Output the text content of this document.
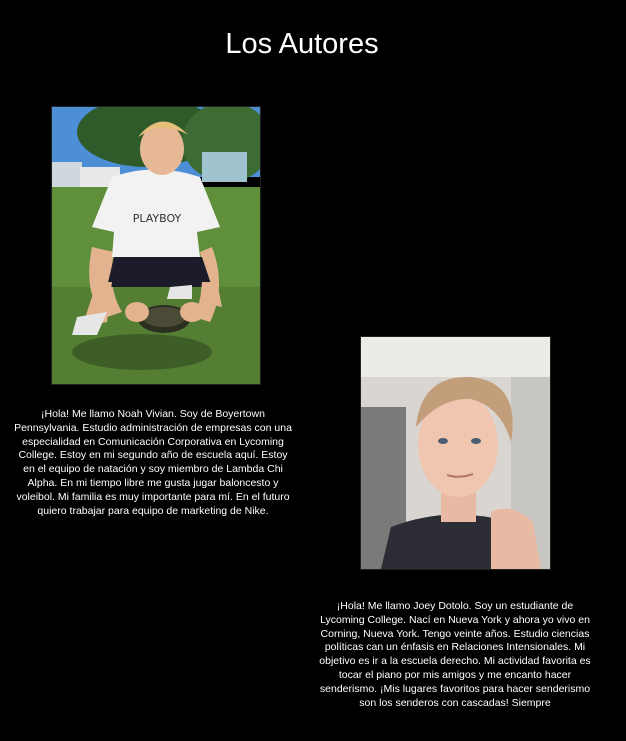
Los Autores
PLAYBOY

¡Hola! Me llamo Noah Vivian. Soy de Boyertown Pennsylvania. Estudio administración de empresas con una especialidad en Comunicación Corporativa en Lycoming College. Estoy en mi segundo año de escuela aquí. Estoy en el equipo de natación y soy miembro de Lambda Chi Alpha. En mi tiempo libre me gusta jugar baloncesto y voleibol. Mi familia es muy importante para mí. En el futuro quiero trabajar para equipo de marketing de Nike.

¡Hola! Me llamo Joey Dotolo. Soy un estudiante de Lycoming College. Nací en Nueva York y ahora yo vivo en Corning, Nueva York. Tengo veinte años. Estudio ciencias políticas can un énfasis en Relaciones Intensionales. Mi objetivo es ir a la escuela derecho. Mi actividad favorita es tocar el piano por mis amigos y me encanto hacer senderismo. ¡Mis lugares favoritos para hacer senderismo son los senderos con cascadas! Siempre
